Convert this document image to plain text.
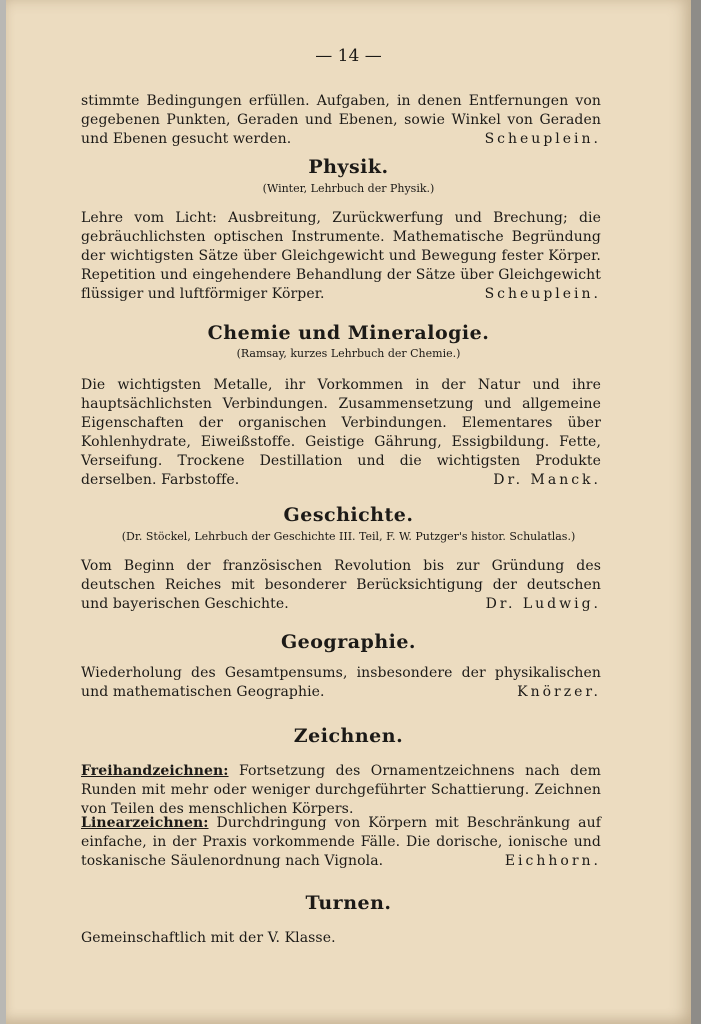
— 14 —
stimmte Bedingungen erfüllen. Aufgaben, in denen Entfernungen von gegebenen Punkten, Geraden und Ebenen, sowie Winkel von Geraden und Ebenen gesucht werden.	Scheuplein.
Physik.
(Winter, Lehrbuch der Physik.)
Lehre vom Licht: Ausbreitung, Zurückwerfung und Brechung; die gebräuchlichsten optischen Instrumente. Mathematische Begründung der wichtigsten Sätze über Gleichgewicht und Bewegung fester Körper. Repetition und eingehendere Behandlung der Sätze über Gleichgewicht flüssiger und luftförmiger Körper.	Scheuplein.
Chemie und Mineralogie.
(Ramsay, kurzes Lehrbuch der Chemie.)
Die wichtigsten Metalle, ihr Vorkommen in der Natur und ihre hauptsächlichsten Verbindungen. Zusammensetzung und allgemeine Eigenschaften der organischen Verbindungen. Elementares über Kohlenhydrate, Eiweißstoffe. Geistige Gährung, Essigbildung. Fette, Verseifung. Trockene Destillation und die wichtigsten Produkte derselben. Farbstoffe.	Dr. Manck.
Geschichte.
(Dr. Stöckel, Lehrbuch der Geschichte III. Teil, F. W. Putzger's histor. Schulatlas.)
Vom Beginn der französischen Revolution bis zur Gründung des deutschen Reiches mit besonderer Berücksichtigung der deutschen und bayerischen Geschichte.	Dr. Ludwig.
Geographie.
Wiederholung des Gesamtpensums, insbesondere der physikalischen und mathematischen Geographie.	Knörzer.
Zeichnen.
Freihandzeichnen: Fortsetzung des Ornamentzeichnens nach dem Runden mit mehr oder weniger durchgeführter Schattierung. Zeichnen von Teilen des menschlichen Körpers.
Linearzeichnen: Durchdringung von Körpern mit Beschränkung auf einfache, in der Praxis vorkommende Fälle. Die dorische, ionische und toskanische Säulenordnung nach Vignola.	Eichhorn.
Turnen.
Gemeinschaftlich mit der V. Klasse.
